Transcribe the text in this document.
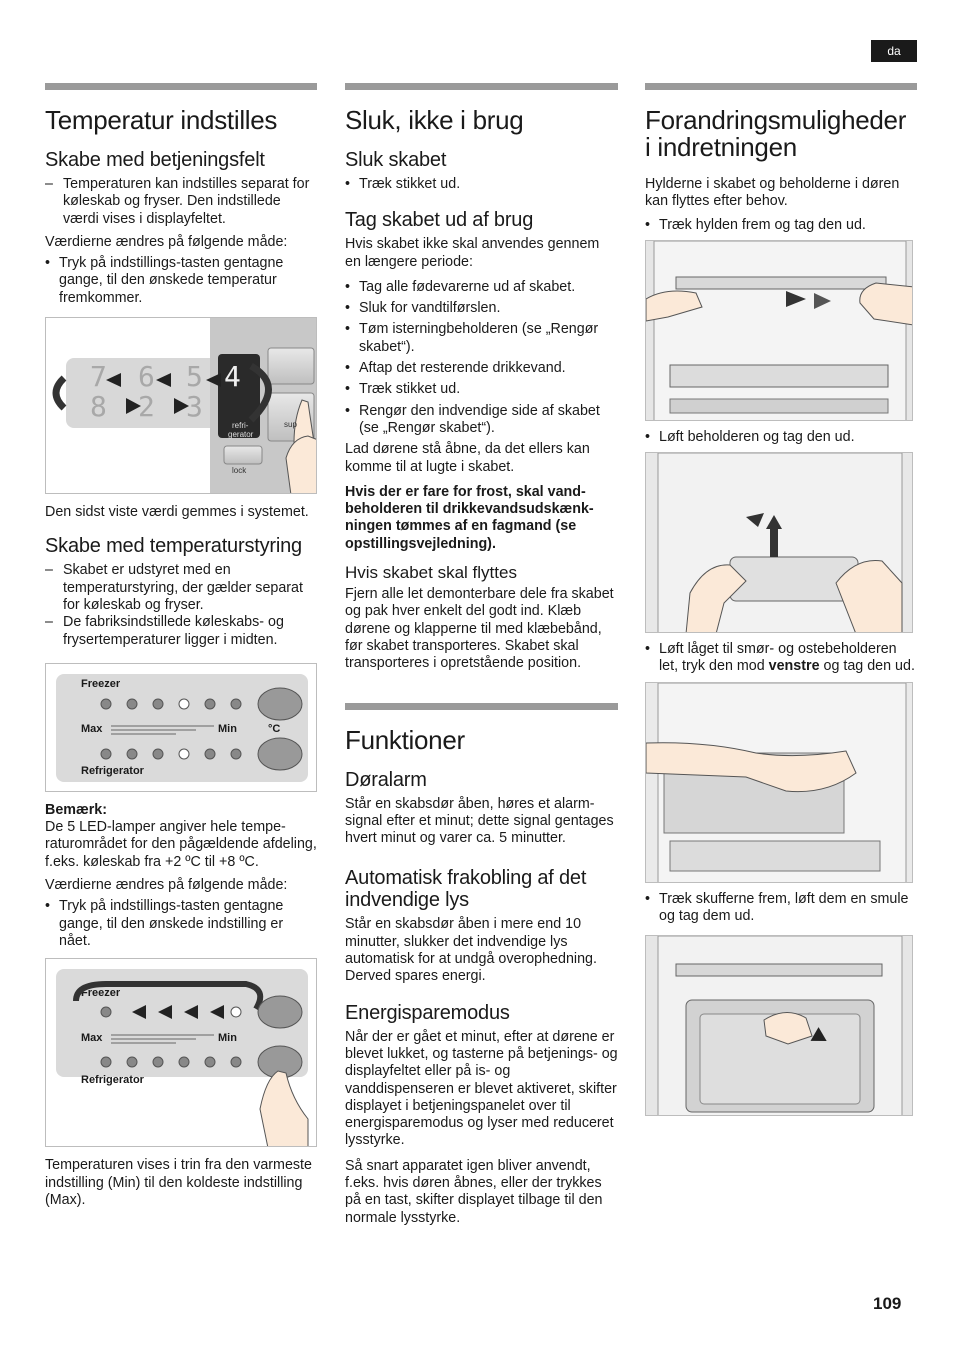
da
Temperatur indstilles
Skabe med betjeningsfelt
– Temperaturen kan indstilles separat for køleskab og fryser. Den indstillede værdi vises i displayfeltet.

Værdierne ændres på følgende måde:

• Tryk på indstillings-tasten gentagne gange, til den ønskede temperatur fremkommer.
7 6 5 4
8 2 3
refri-
gerator
sup
lock

Den sidst viste værdi gemmes i systemet.

Skabe med temperaturstyring
– Skabet er udstyret med en temperaturstyring, der gælder separat for køleskab og fryser.
– De fabriksindstillede køleskabs- og frysertemperaturer ligger i midten.
Freezer
Max	Min	°C
Refrigerator

Bemærk:

De 5 LED-lamper angiver hele temperaturområdet for den pågældende afdeling, f.eks. køleskab fra +2 ºC til +8 ºC.

Værdierne ændres på følgende måde:

• Tryk på indstillings-tasten gentagne gange, til den ønskede indstilling er nået.
Freezer
Max	Min
Refrigerator

Temperaturen vises i trin fra den varmeste indstilling (Min) til den koldeste indstilling (Max).

Sluk, ikke i brug
Sluk skabet
• Træk stikket ud.
Tag skabet ud af brug

Hvis skabet ikke skal anvendes gennem en længere periode:

• Tag alle fødevarerne ud af skabet.
• Sluk for vandtilførslen.
• Tøm isterningbeholderen (se „Rengør skabet“).
• Aftap det resterende drikkevand.
• Træk stikket ud.
• Rengør den indvendige side af skabet (se „Rengør skabet“).

Lad dørene stå åbne, da det ellers kan komme til at lugte i skabet.

Hvis der er fare for frost, skal vandbeholderen til drikkevandsudskænkningen tømmes af en fagmand (se opstillingsvejledning).

Hvis skabet skal flyttes

Fjern alle let demonterbare dele fra skabet og pak hver enkelt del godt ind. Klæb dørene og klapperne til med klæbebånd, før skabet transporteres. Skabet skal transporteres i opretstående position.

Funktioner
Døralarm

Står en skabsdør åben, høres et alarmsignal efter et minut; dette signal gentages hvert minut og varer ca. 5 minutter.

Automatisk frakobling af det indvendige lys

Står en skabsdør åben i mere end 10 minutter, slukker det indvendige lys automatisk for at undgå overophedning. Derved spares energi.

Energisparemodus

Når der er gået et minut, efter at dørene er blevet lukket, og tasterne på betjenings- og displayfeltet eller på is- og vanddispenseren er blevet aktiveret, skifter displayet i betjeningspanelet over til energisparemodus og lyser med reduceret lysstyrke.

Så snart apparatet igen bliver anvendt, f.eks. hvis døren åbnes, eller der trykkes på en tast, skifter displayet tilbage til den normale lysstyrke.

Forandringsmuligheder i indretningen

Hylderne i skabet og beholderne i døren kan flyttes efter behov.

• Træk hylden frem og tag den ud.
• Løft beholderen og tag den ud.
• Løft låget til smør- og ostebeholderen let, tryk den mod venstre og tag den ud.
• Træk skufferne frem, løft dem en smule og tag dem ud.
109
